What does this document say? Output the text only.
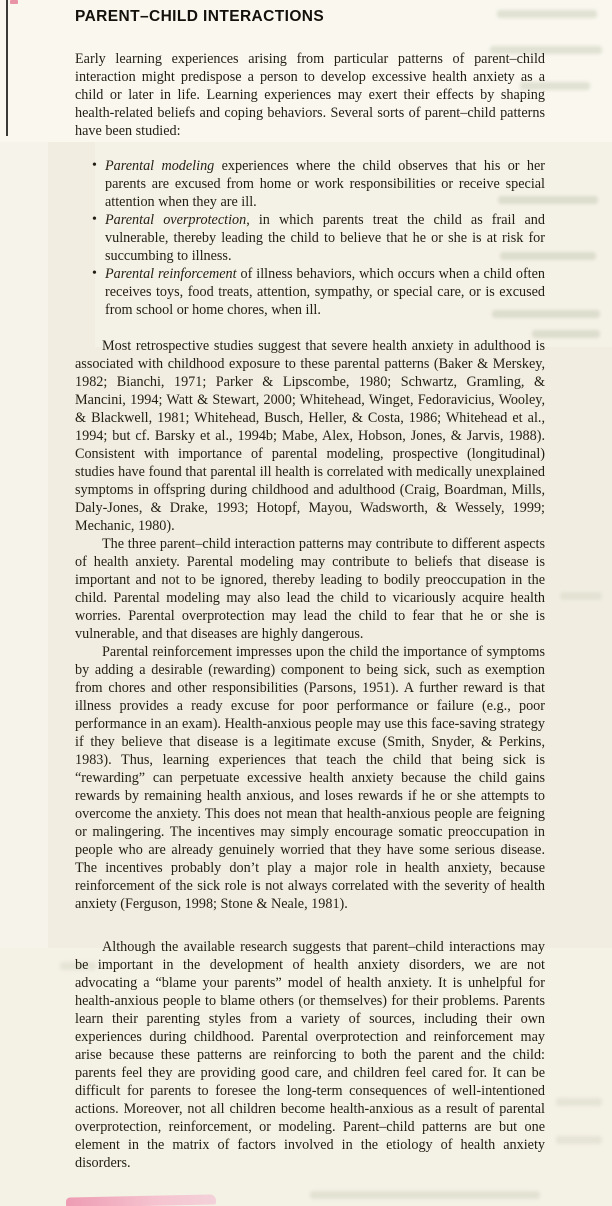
PARENT–CHILD INTERACTIONS

Early learning experiences arising from particular patterns of parent–child interaction might predispose a person to develop excessive health anxiety as a child or later in life. Learning experiences may exert their effects by shaping health-related beliefs and coping behaviors. Several sorts of parent–child patterns have been studied:

• Parental modeling experiences where the child observes that his or her parents are excused from home or work responsibilities or receive special attention when they are ill.
• Parental overprotection, in which parents treat the child as frail and vulnerable, thereby leading the child to believe that he or she is at risk for succumbing to illness.
• Parental reinforcement of illness behaviors, which occurs when a child often receives toys, food treats, attention, sympathy, or special care, or is excused from school or home chores, when ill.

Most retrospective studies suggest that severe health anxiety in adulthood is associated with childhood exposure to these parental patterns (Baker & Merskey, 1982; Bianchi, 1971; Parker & Lipscombe, 1980; Schwartz, Gramling, & Mancini, 1994; Watt & Stewart, 2000; Whitehead, Winget, Fedoravicius, Wooley, & Blackwell, 1981; Whitehead, Busch, Heller, & Costa, 1986; Whitehead et al., 1994; but cf. Barsky et al., 1994b; Mabe, Alex, Hobson, Jones, & Jarvis, 1988). Consistent with importance of parental modeling, prospective (longitudinal) studies have found that parental ill health is correlated with medically unexplained symptoms in offspring during childhood and adulthood (Craig, Boardman, Mills, Daly-Jones, & Drake, 1993; Hotopf, Mayou, Wadsworth, & Wessely, 1999; Mechanic, 1980).

The three parent–child interaction patterns may contribute to different aspects of health anxiety. Parental modeling may contribute to beliefs that disease is important and not to be ignored, thereby leading to bodily preoccupation in the child. Parental modeling may also lead the child to vicariously acquire health worries. Parental overprotection may lead the child to fear that he or she is vulnerable, and that diseases are highly dangerous.

Parental reinforcement impresses upon the child the importance of symptoms by adding a desirable (rewarding) component to being sick, such as exemption from chores and other responsibilities (Parsons, 1951). A further reward is that illness provides a ready excuse for poor performance or failure (e.g., poor performance in an exam). Health-anxious people may use this face-saving strategy if they believe that disease is a legitimate excuse (Smith, Snyder, & Perkins, 1983). Thus, learning experiences that teach the child that being sick is “rewarding” can perpetuate excessive health anxiety because the child gains rewards by remaining health anxious, and loses rewards if he or she attempts to overcome the anxiety. This does not mean that health-anxious people are feigning or malingering. The incentives may simply encourage somatic preoccupation in people who are already genuinely worried that they have some serious disease. The incentives probably don’t play a major role in health anxiety, because reinforcement of the sick role is not always correlated with the severity of health anxiety (Ferguson, 1998; Stone & Neale, 1981).

Although the available research suggests that parent–child interactions may be important in the development of health anxiety disorders, we are not advocating a “blame your parents” model of health anxiety. It is unhelpful for health-anxious people to blame others (or themselves) for their problems. Parents learn their parenting styles from a variety of sources, including their own experiences during childhood. Parental overprotection and reinforcement may arise because these patterns are reinforcing to both the parent and the child: parents feel they are providing good care, and children feel cared for. It can be difficult for parents to foresee the long-term consequences of well-intentioned actions. Moreover, not all children become health-anxious as a result of parental overprotection, reinforcement, or modeling. Parent–child patterns are but one element in the matrix of factors involved in the etiology of health anxiety disorders.
